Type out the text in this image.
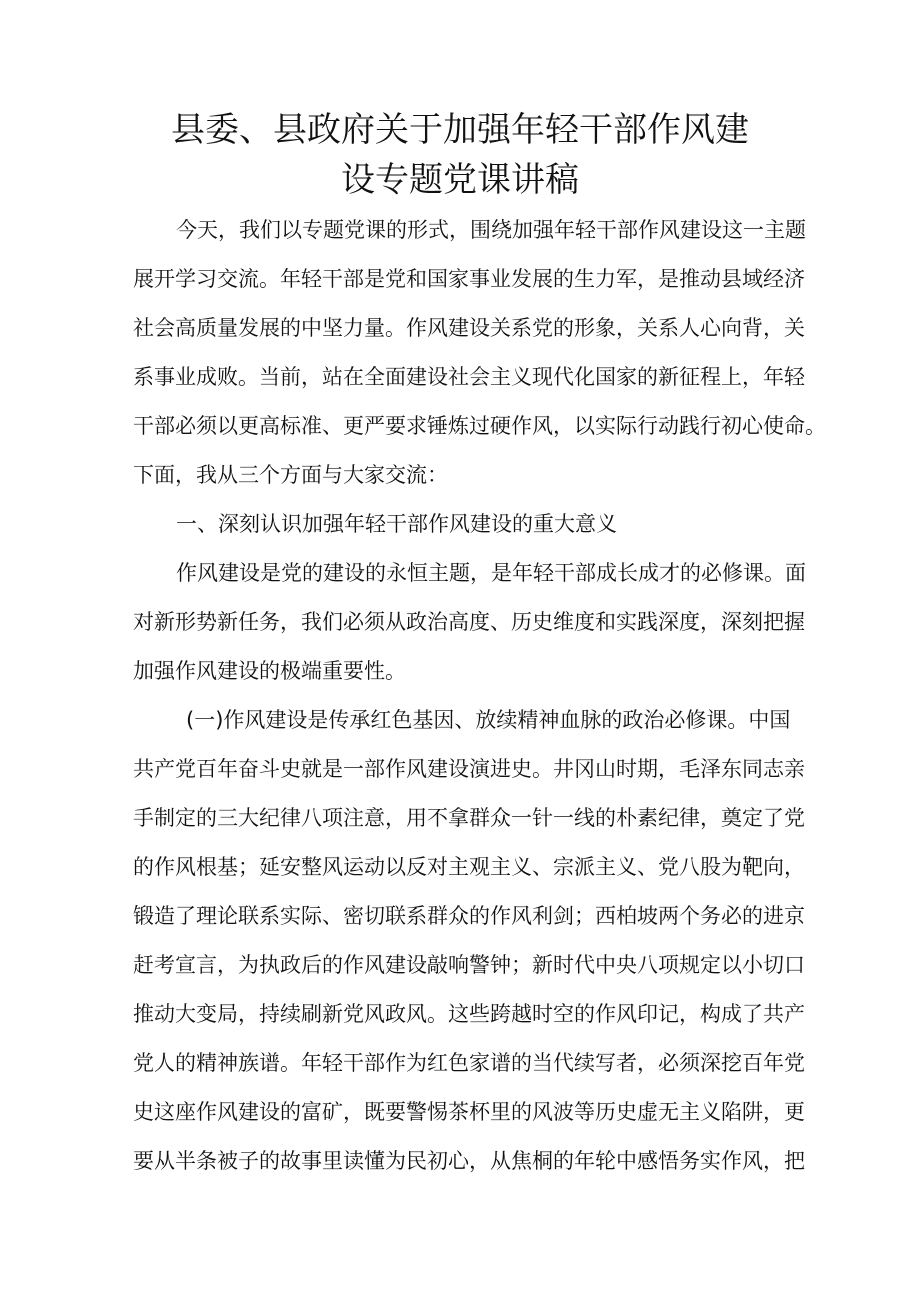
县委、县政府关于加强年轻干部作风建
设专题党课讲稿
今天，我们以专题党课的形式，围绕加强年轻干部作风建设这一主题
展开学习交流。年轻干部是党和国家事业发展的生力军，是推动县域经济
社会高质量发展的中坚力量。作风建设关系党的形象，关系人心向背，关
系事业成败。当前，站在全面建设社会主义现代化国家的新征程上，年轻
干部必须以更高标准、更严要求锤炼过硬作风，以实际行动践行初心使命。
下面，我从三个方面与大家交流：
一、深刻认识加强年轻干部作风建设的重大意义
作风建设是党的建设的永恒主题，是年轻干部成长成才的必修课。面
对新形势新任务，我们必须从政治高度、历史维度和实践深度，深刻把握
加强作风建设的极端重要性。
(一)作风建设是传承红色基因、放续精神血脉的政治必修课。中国
共产党百年奋斗史就是一部作风建设演进史。井冈山时期，毛泽东同志亲
手制定的三大纪律八项注意，用不拿群众一针一线的朴素纪律，奠定了党
的作风根基；延安整风运动以反对主观主义、宗派主义、党八股为靶向，
锻造了理论联系实际、密切联系群众的作风利剑；西柏坡两个务必的进京
赶考宣言，为执政后的作风建设敲响警钟；新时代中央八项规定以小切口
推动大变局，持续刷新党风政风。这些跨越时空的作风印记，构成了共产
党人的精神族谱。年轻干部作为红色家谱的当代续写者，必须深挖百年党
史这座作风建设的富矿，既要警惕茶杯里的风波等历史虚无主义陷阱，更
要从半条被子的故事里读懂为民初心，从焦桐的年轮中感悟务实作风，把
